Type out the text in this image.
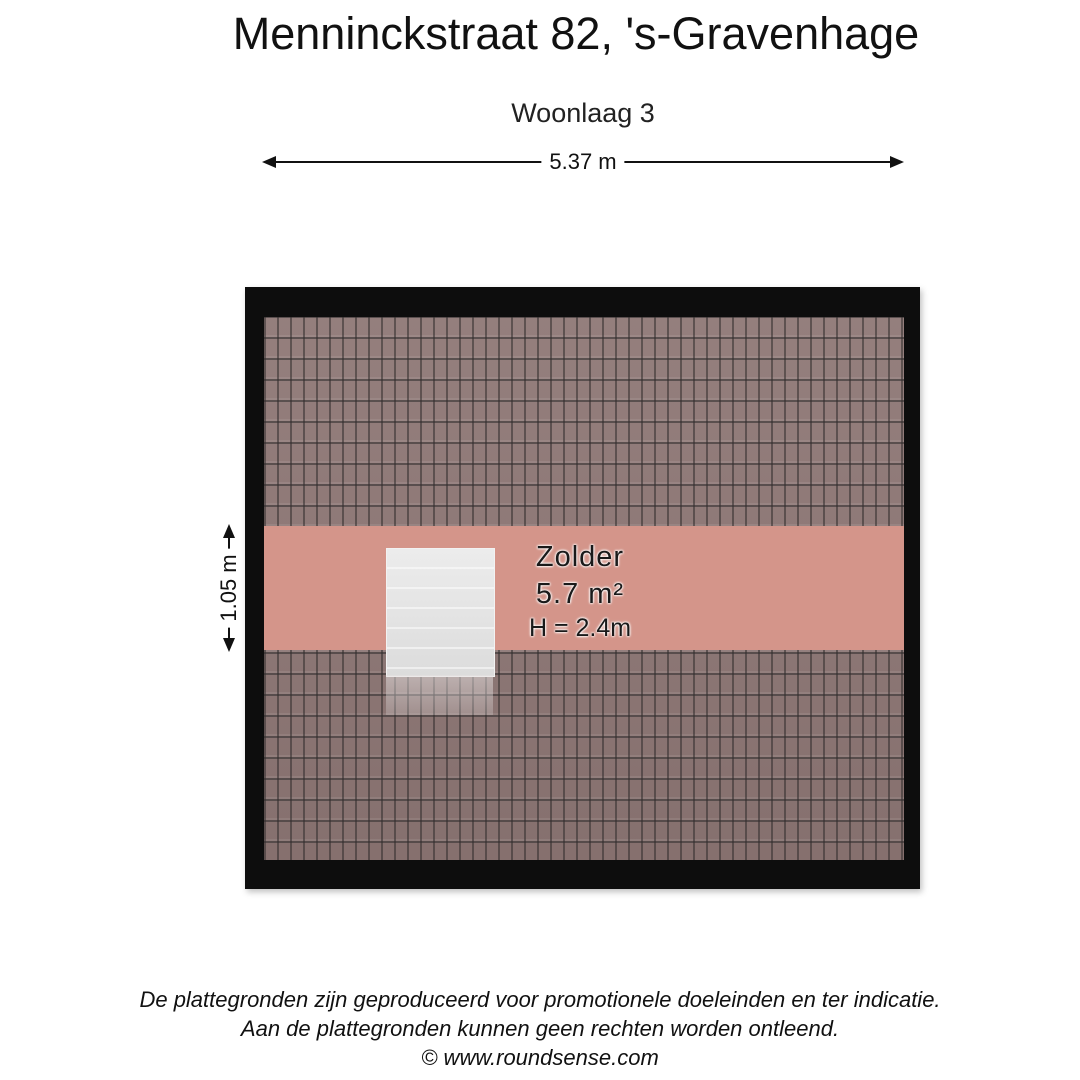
Menninckstraat 82, 's-Gravenhage
Woonlaag 3
5.37 m
1.05 m	Zolder
5.7 m²
H = 2.4m
De plattegronden zijn geproduceerd voor promotionele doeleinden en ter indicatie.
Aan de plattegronden kunnen geen rechten worden ontleend.
© www.roundsense.com
